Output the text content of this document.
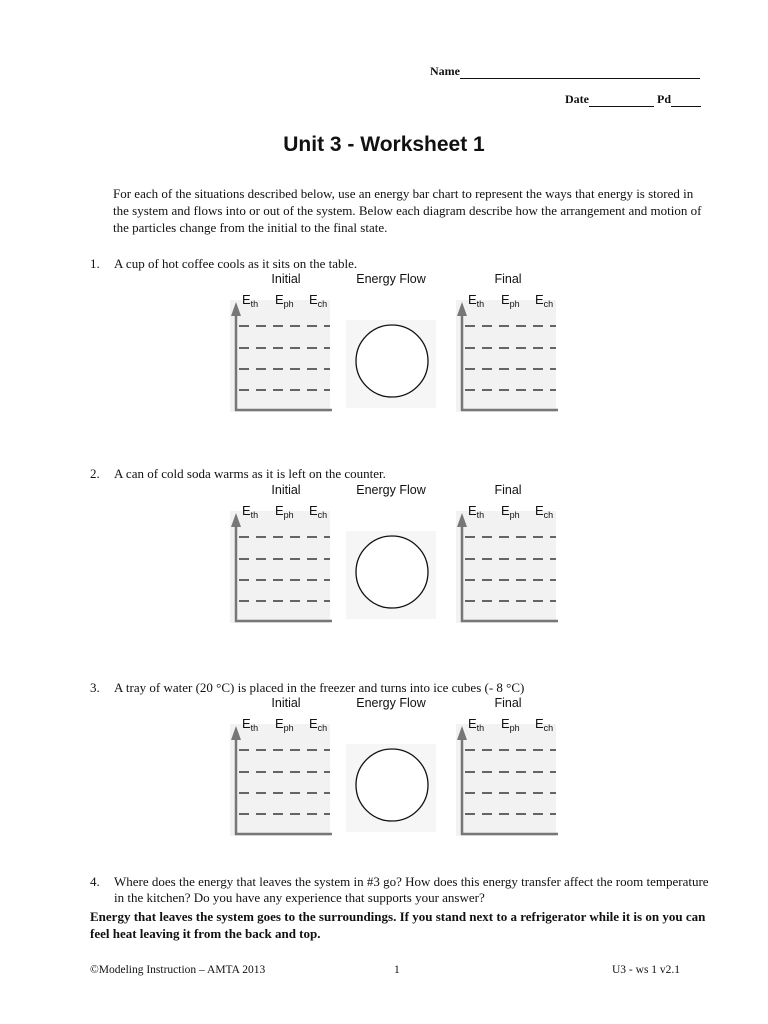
Name
Date	Pd
Unit 3 - Worksheet 1
For each of the situations described below, use an energy bar chart to represent the ways that energy is stored in the system and flows into or out of the system. Below each diagram describe how the arrangement and motion of the particles change from the initial to the final state.
1. A cup of hot coffee cools as it sits on the table.
Initial	Energy Flow	Final
$E_{th}$ $E_{ph}$ $E_{ch}$	$E_{th}$ $E_{ph}$ $E_{ch}$
2. A can of cold soda warms as it is left on the counter.
Initial	Energy Flow	Final
$E_{th}$ $E_{ph}$ $E_{ch}$	$E_{th}$ $E_{ph}$ $E_{ch}$
3. A tray of water (20 °C) is placed in the freezer and turns into ice cubes (- 8 °C)
Initial	Energy Flow	Final
$E_{th}$ $E_{ph}$ $E_{ch}$	$E_{th}$ $E_{ph}$ $E_{ch}$
4.	Where does the energy that leaves the system in #3 go? How does this energy transfer affect the room temperature in the kitchen? Do you have any experience that supports your answer?
Energy that leaves the system goes to the surroundings. If you stand next to a refrigerator while it is on you can feel heat leaving it from the back and top.
©Modeling Instruction – AMTA 2013	1	U3 - ws 1 v2.1
